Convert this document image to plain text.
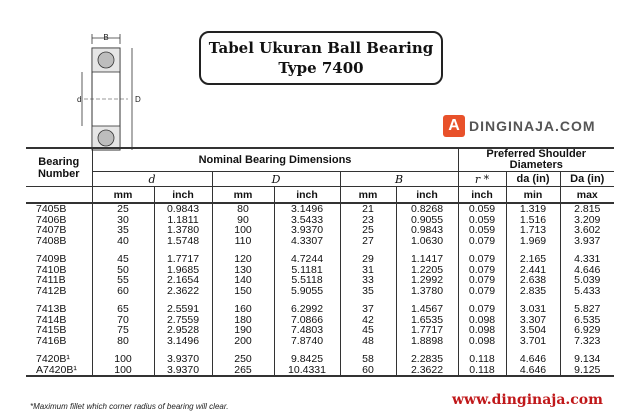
B
d	D
Tabel Ukuran Ball Bearing
Type 7400
A DINGINAJA.COM
Bearing Number	Nominal Bearing Dimensions						Preferred Shoulder Diameters		
	d		D		B		r *	da (in)	Da (in)
	mm	inch	mm	inch	mm	inch	inch	min	max
7405B	25	0.9843	80	3.1496	21	0.8268	0.059	1.319	2.815
7406B	30	1.1811	90	3.5433	23	0.9055	0.059	1.516	3.209
7407B	35	1.3780	100	3.9370	25	0.9843	0.059	1.713	3.602
7408B	40	1.5748	110	4.3307	27	1.0630	0.079	1.969	3.937

7409B	45	1.7717	120	4.7244	29	1.1417	0.079	2.165	4.331
7410B	50	1.9685	130	5.1181	31	1.2205	0.079	2.441	4.646
7411B	55	2.1654	140	5.5118	33	1.2992	0.079	2.638	5.039
7412B	60	2.3622	150	5.9055	35	1.3780	0.079	2.835	5.433

7413B	65	2.5591	160	6.2992	37	1.4567	0.079	3.031	5.827
7414B	70	2.7559	180	7.0866	42	1.6535	0.098	3.307	6.535
7415B	75	2.9528	190	7.4803	45	1.7717	0.098	3.504	6.929
7416B	80	3.1496	200	7.8740	48	1.8898	0.098	3.701	7.323

7420B¹	100	3.9370	250	9.8425	58	2.2835	0.118	4.646	9.134
A7420B¹	100	3.9370	265	10.4331	60	2.3622	0.118	4.646	9.125
*Maximum fillet which corner radius of bearing will clear.	www.dinginaja.com
